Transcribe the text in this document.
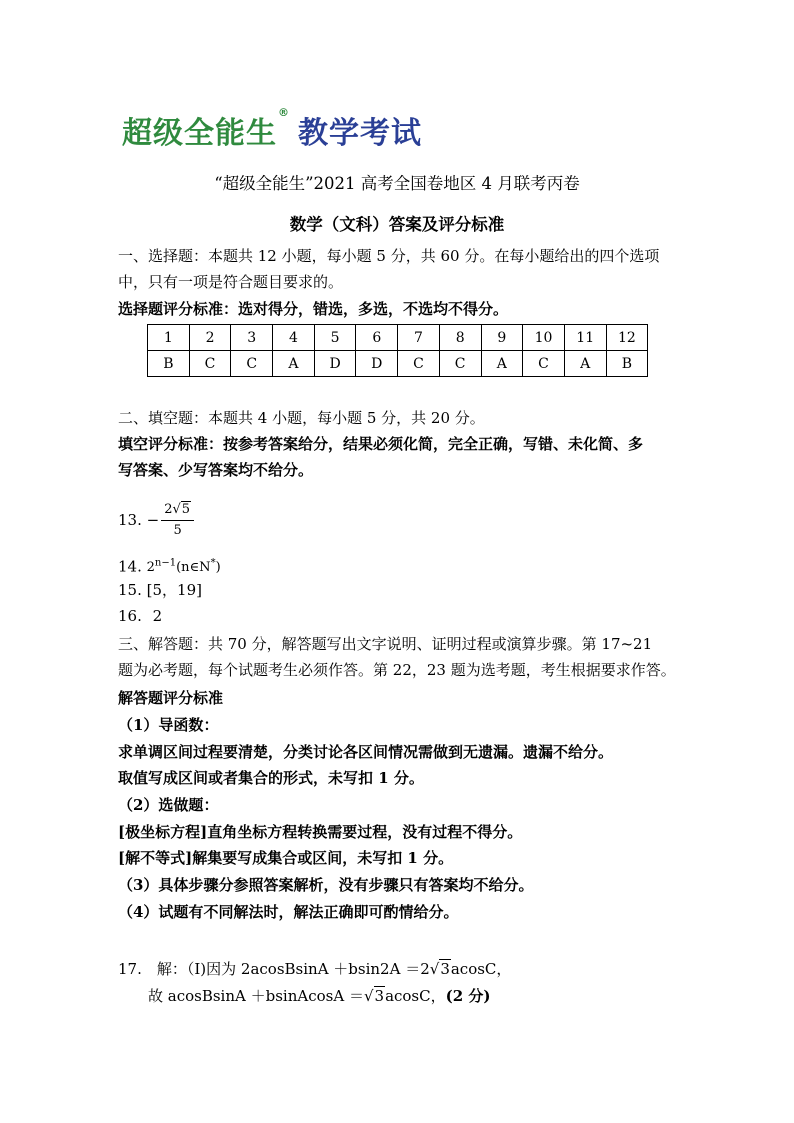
超级全能生®教学考试
“超级全能生”2021 高考全国卷地区 4 月联考丙卷
数学（文科）答案及评分标准
一、选择题：本题共 12 小题，每小题 5 分，共 60 分。在每小题给出的四个选项
中，只有一项是符合题目要求的。
选择题评分标准：选对得分，错选，多选，不选均不得分。
1	2	3	4	5	6	7	8	9	10	11	12
B	C	C	A	D	D	C	C	A	C	A	B
二、填空题：本题共 4 小题，每小题 5 分，共 20 分。
填空评分标准：按参考答案给分，结果必须化简，完全正确，写错、未化简、多
写答案、少写答案均不给分。
13. − $\frac{2√5}{5}$
14. $2^{n-1}(n\in N^*)$
15. [5，19]
16. 2
三、解答题：共 70 分，解答题写出文字说明、证明过程或演算步骤。第 17~21
题为必考题，每个试题考生必须作答。第 22，23 题为选考题，考生根据要求作答。
解答题评分标准
（1）导函数：
求单调区间过程要清楚，分类讨论各区间情况需做到无遗漏。遗漏不给分。
取值写成区间或者集合的形式，未写扣 1 分。
（2）选做题：
[极坐标方程]直角坐标方程转换需要过程，没有过程不得分。
[解不等式]解集要写成集合或区间，未写扣 1 分。
（3）具体步骤分参照答案解析，没有步骤只有答案均不给分。
（4）试题有不同解法时，解法正确即可酌情给分。
17.　解：（Ⅰ)因为 2acosBsinA ＋bsin2A ＝2√3acosC，
故 acosBsinA ＋bsinAcosA ＝√3acosC，(2 分)
